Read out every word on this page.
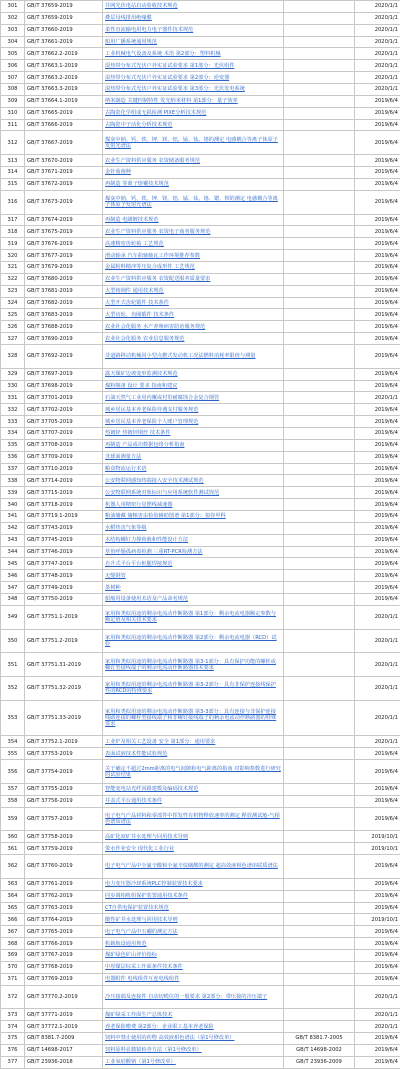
301	GB/T 37659-2019	井网光伏电站启动验收技术规范		2020/1/1
302	GB/T 37659-2019	叠层母线排用绝缘膜		2020/1/1
303	GB/T 37660-2019	柔性直流输电用电力电子器件技术规范		2020/1/1
304	GB/T 37661-2019	船用广播系统通用规范		2020/1/1
305	GB/T 37662.2-2019	工业机械电气设备及系统 术语 第2部分：塑料机械		2020/1/1
306	GB/T 37663.1-2019	湿热带分布式光伏户外实证试验要求 第1部分：光伏组件		2020/1/1
307	GB/T 37663.2-2019	湿热带分布式光伏户外实证试验要求 第2部分：逆变器		2020/1/1
308	GB/T 37663.3-2019	湿热带分布式光伏户外实证试验要求 第3部分：光伏发电系统		2020/1/1
309	GB/T 37664.1-2019	纳米制造 关键控制特性 发光纳米材料 第1部分：量子效率		2019/6/4
310	GB/T 37665-2019	古陶瓷化学组成无损检测 PIXE分析技术规范		2019/6/4
311	GB/T 37666-2019	古陶瓷中子活化分析技术规范		2019/6/4
312	GB/T 37667-2019	煤灰中钠、钙、铁、钾、镁、铝、锰、钛、铬的测定 电感耦合等离子体原子发射光谱法		2019/6/4
313	GB/T 37670-2019	农业生产资料供应服务 农资储备服务规范		2019/6/4
314	GB/T 37671-2019	金针菇菌种		2019/6/4
315	GB/T 37672-2019	再制造 等离子熔覆技术规范		2019/6/4
316	GB/T 37673-2019	煤灰中钠、钙、铁、钾、镁、铝、锰、钛、铬、锶、钡的测定 电感耦合等离子体原子发射光谱法		2019/6/4
317	GB/T 37674-2019	再制造 电刷镀技术规范		2019/6/4
318	GB/T 37675-2019	农业生产资料供应服务 农资电子商务服务规范		2019/6/4
319	GB/T 37676-2019	高速精密齿轮箱 工艺规范		2019/6/4
320	GB/T 37677-2019	滑动轴承 汽车曲轴轴瓦工作环境推荐参数		2019/6/4
321	GB/T 37679-2019	金属粉料精冲等压复合成形件 工艺规范		2019/6/4
322	GB/T 37680-2019	农业生产资料供应服务 农资配送服务质量要求		2019/6/4
323	GB/T 37681-2019	大型铸钢件 通用技术规范		2019/6/4
324	GB/T 37682-2019	大型开式齿轮锻件 技术条件		2019/6/4
325	GB/T 37683-2019	大型齿轮、齿圈锻件 技术条件		2019/6/4
326	GB/T 37688-2019	农业社会化服务 水产养殖病害防治服务规范		2019/6/4
327	GB/T 37690-2019	农业社会化服务 农业信息服务规范		2019/6/4
328	GB/T 37692-2019	非道路移动机械用小型点燃式发动机工况法燃料消耗率限值与测量		2019/6/4
329	GB/T 37697-2019	露天煤矿边坡变形监测技术规范		2019/6/4
330	GB/T 37698-2019	煤粉制备 设计 要求 指南和建议		2019/6/4
331	GB/T 37701-2019	石油天然气工业用内覆或衬里耐腐蚀合金复合钢管		2020/1/1
332	GB/T 37702-2019	城乡居民基本养老保险待遇支付服务规范		2019/6/4
333	GB/T 37705-2019	城乡居民基本养老保险个人账户管理规范		2019/6/4
334	GB/T 37707-2019	热镀锌 热镀锌钢丝 技术条件		2019/6/4
335	GB/T 37708-2019	再制造 产品成功数据包络分析指南		2019/6/4
336	GB/T 37709-2019	非球面测量方法		2019/6/4
337	GB/T 37710-2019	粮食物流运行术语		2019/6/4
338	GB/T 37714-2019	公安物联网感知终端接入安全技术测试规范		2019/6/4
339	GB/T 37715-2019	公安物联网系统对象标识与应用系统软件测试规范		2019/6/4
340	GB/T 37718-2019	机器人用精密行星摆线减速器		2019/6/4
341	GB/T 37719.1-2019	粮油储藏 储粮害虫检验辅助图谱 第1部分：拟谷甲科		2019/6/4
342	GB/T 37743-2019	水稻热害气象等级		2019/6/4
343	GB/T 37745-2019	木结构螺钉力撑荷载和性能设计方法		2019/6/4
344	GB/T 37746-2019	草鱼呼肠孤病毒检测 三重RT-PCR检测方法		2019/6/4
345	GB/T 37747-2019	自升式平台平台桩腿焊接规范		2019/6/4
346	GB/T 37748-2019	无缝钢管		2019/6/4
347	GB/T 37749-2019	茶树种		2019/6/4
348	GB/T 37750-2019	船舶用设备使用术语及产品命名规范		2019/6/4
349	GB/T 37751.1-2019	家用和类似用途的剩余电流动作断路器 第1部分：剩余电流电器额定参数与额定值及相关技术要求		2020/1/1
350	GB/T 37751.2-2019	家用和类似用途的剩余电流动作断路器 第2部分：剩余电流电器（RCD）试验		2020/1/1
351	GB/T 37751.31-2019	家用和类似用途的剩余电流动作断路器 第3-1部分：具有保护功能的螺栓或螺钉型接线端子的剩余电流动作断路器技术要求		2020/1/1
352	GB/T 37751.32-2019	家用和类似用途的剩余电流动作断路器 第3-2部分：具有非保护连接线保护性的RCD的特殊要求		2020/1/1
353	GB/T 37751.33-2019	家用和类似用途的剩余电流动作断路器 第3-3部分：具有连接与非保护连接线路连接的螺栓型接线端子和非螺钉接线端子的剩余电流动作断路器的特殊要求		2020/1/1
354	GB/T 37752.1-2019	工业炉及相关工艺设备 安全 第1部分：通用要求		2020/1/1
355	GB/T 37753-2019	表面试液技术性能试验规范		2019/6/4
356	GB/T 37754-2019	关于确定不超过2mm距离的电气间隙和电气距离的指南 对影响参数进行研究的试验结果		2019/6/4
357	GB/T 37755-2019	智能变电站光纤回路建模及编码技术规范		2019/6/4
358	GB/T 37756-2019	井盖式平台通用技术条件		2019/6/4
359	GB/T 37757-2019	电子电气产品材料和零部件中挥发性有机物释放速率的测定 释放测试舱-气相色谱质谱法		2019/6/4
360	GB/T 37758-2019	高矿化度矿井水处理与回用技术导则		2019/10/1
361	GB/T 37759-2019	带水作业安全 现代化工业行业		2019/10/1
362	GB/T 37760-2019	电子电气产品中全氟辛酸和全氟辛烷磺酸的测定 超高效液相色谱串联质谱法		2019/6/4
363	GB/T 37761-2019	电力变压器冷却系统PLC控制装置技术要求		2019/6/4
364	GB/T 37762-2019	同步调相机组保护装置通用技术条件		2019/6/4
365	GB/T 37763-2019	CT自供电保护装置技术规范		2019/6/4
366	GB/T 37764-2019	酸性矿井水处理与回用技术导则		2019/10/1
367	GB/T 37765-2019	电子电气产品中五硼的测定方法		2019/6/4
368	GB/T 37766-2019	机载航设通用规范		2019/6/4
369	GB/T 37767-2019	煤矿绿色矿山评价指标		2019/6/4
370	GB/T 37768-2019	中厚煤层综采工作面条件技术条件		2019/6/4
371	GB/T 37769-2019	电器附件 电线组件互连电线组件		2019/6/4
372	GB/T 37770.2-2019	冷压接端及连接件 自动切缆位的一般要求 第2部分：带压接的冷压端子		2020/1/1
373	GB/T 37771-2019	煤矿绿采工作面生产总体技术		2020/1/1
374	GB/T 37772.1-2019	养老保险缴费 第2部分：企业职工基本养老保险		2020/1/1
375	GB/T 8381.7-2009	饲料中禁止使用的药物 高效液相色谱法（第1号修改单）	GB/T 8381.7-2005	2019/6/4
376	GB/T 14698-2017	饲料原料显微镜检查方法（第1号修改单）	GB/T 14698-2002	2019/6/4
377	GB/T 23936-2018	工业氧硅酸钠（第1号修改单）	GB/T 23936-2009	2019/6/4
